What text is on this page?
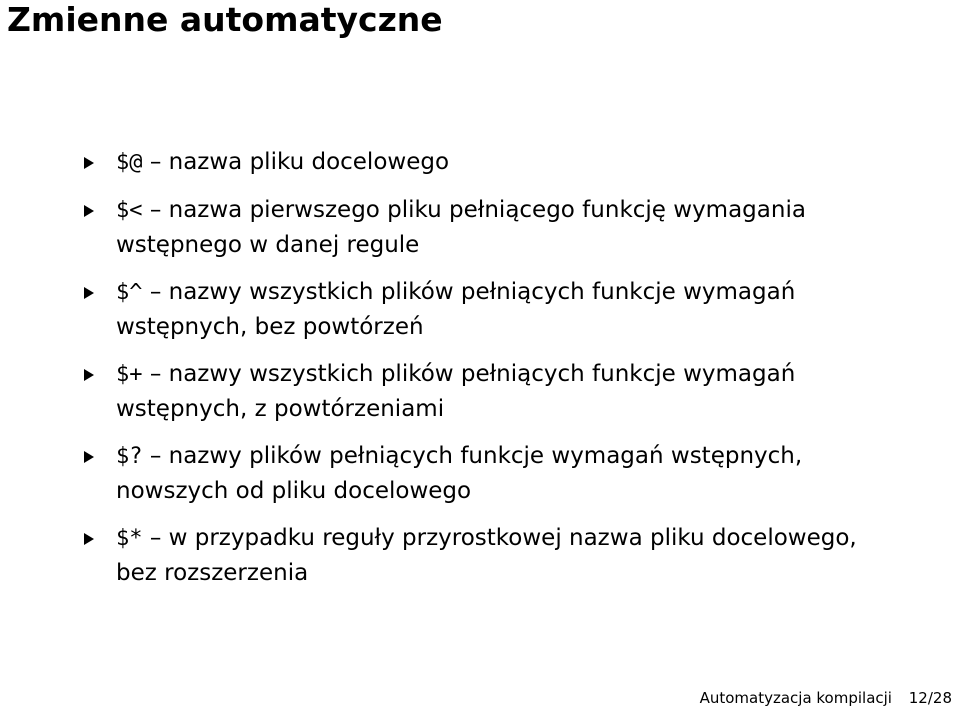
Zmienne automatyczne
$@ – nazwa pliku docelowego
$< – nazwa pierwszego pliku pełniącego funkcję wymagania wstępnego w danej regule
$^ – nazwy wszystkich plików pełniących funkcje wymagań wstępnych, bez powtórzeń
$+ – nazwy wszystkich plików pełniących funkcje wymagań wstępnych, z powtórzeniami
$? – nazwy plików pełniących funkcje wymagań wstępnych, nowszych od pliku docelowego
$* – w przypadku reguły przyrostkowej nazwa pliku docelowego, bez rozszerzenia
Automatyzacja kompilacji 12/28
